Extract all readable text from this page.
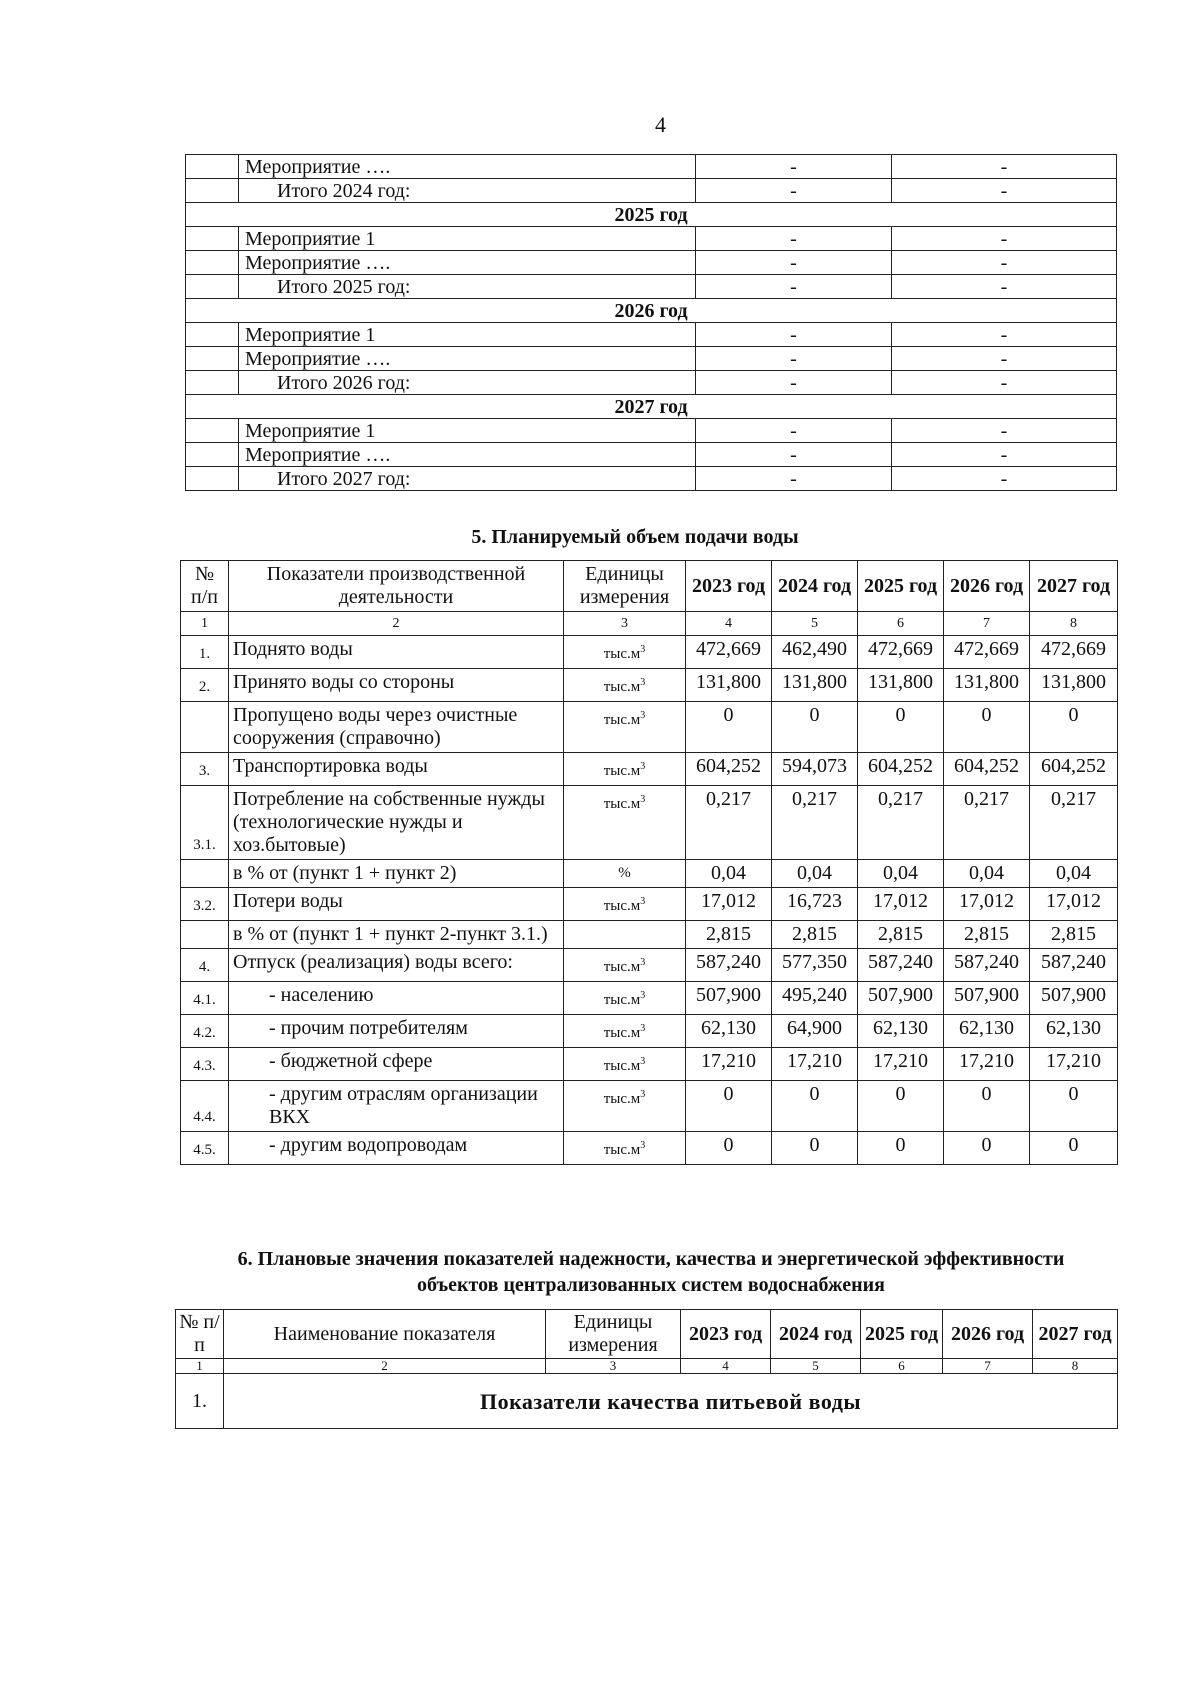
4
	Мероприятие ….	-	-
	Итого 2024 год:	-	-
2025 год			
	Мероприятие 1	-	-
	Мероприятие ….	-	-
	Итого 2025 год:	-	-
2026 год			
	Мероприятие 1	-	-
	Мероприятие ….	-	-
	Итого 2026 год:	-	-
2027 год			
	Мероприятие 1	-	-
	Мероприятие ….	-	-
	Итого 2027 год:	-	-
5. Планируемый объем подачи воды
№ п/п	Показатели производственной деятельности	Единицы измерения	2023 год	2024 год	2025 год	2026 год	2027 год
1	2	3	4	5	6	7	8
1.	Поднято воды	$тыс.м^3$	472,669	462,490	472,669	472,669	472,669
2.	Принято воды со стороны	$тыс.м^3$	131,800	131,800	131,800	131,800	131,800
	Пропущено воды через очистные сооружения (справочно)	$тыс.м^3$	0	0	0	0	0
3.	Транспортировка воды	$тыс.м^3$	604,252	594,073	604,252	604,252	604,252
3.1.	Потребление на собственные нужды (технологические нужды и хоз.бытовые)	$тыс.м^3$	0,217	0,217	0,217	0,217	0,217
	в % от (пункт 1 + пункт 2)	%	0,04	0,04	0,04	0,04	0,04
3.2.	Потери воды	$тыс.м^3$	17,012	16,723	17,012	17,012	17,012
	в % от (пункт 1 + пункт 2-пункт 3.1.)		2,815	2,815	2,815	2,815	2,815
4.	Отпуск (реализация) воды всего:	$тыс.м^3$	587,240	577,350	587,240	587,240	587,240
4.1.	- населению	$тыс.м^3$	507,900	495,240	507,900	507,900	507,900
4.2.	- прочим потребителям	$тыс.м^3$	62,130	64,900	62,130	62,130	62,130
4.3.	- бюджетной сфере	$тыс.м^3$	17,210	17,210	17,210	17,210	17,210
4.4.	- другим отраслям организации ВКХ	$тыс.м^3$	0	0	0	0	0
4.5.	- другим водопроводам	$тыс.м^3$	0	0	0	0	0
6. Плановые значения показателей надежности, качества и энергетической эффективности
объектов централизованных систем водоснабжения
№ п/п	Наименование показателя	Единицы измерения	2023 год	2024 год	2025 год	2026 год	2027 год
1	2	3	4	5	6	7	8
1.	Показатели качества питьевой воды						
